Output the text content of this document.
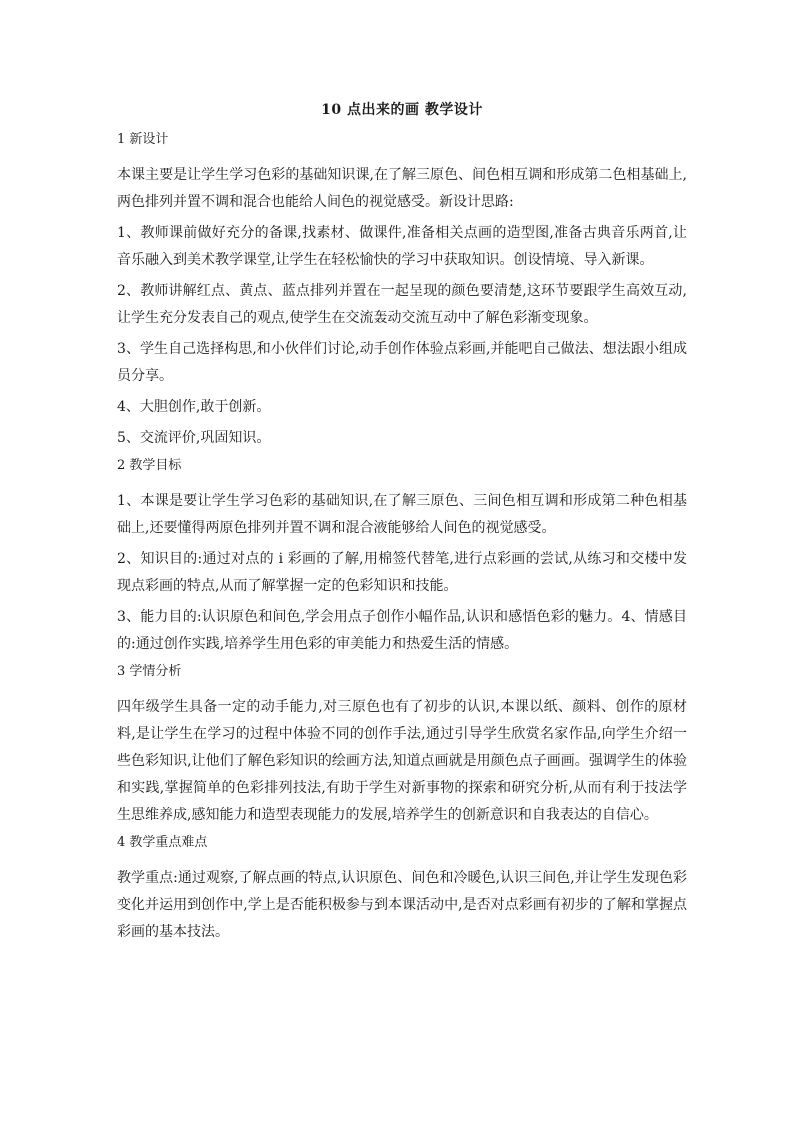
10 点出来的画 教学设计
1 新设计

本课主要是让学生学习色彩的基础知识课,在了解三原色、间色相互调和形成第二色相基础上,两色排列并置不调和混合也能给人间色的视觉感受。新设计思路:

1、教师课前做好充分的备课,找素材、做课件,准备相关点画的造型图,准备古典音乐两首,让音乐融入到美术教学课堂,让学生在轻松愉快的学习中获取知识。创设情境、导入新课。

2、教师讲解红点、黄点、蓝点排列并置在一起呈现的颜色要清楚,这环节要跟学生高效互动,让学生充分发表自己的观点,使学生在交流轰动交流互动中了解色彩渐变现象。

3、学生自己选择构思,和小伙伴们讨论,动手创作体验点彩画,并能吧自己做法、想法跟小组成员分享。

4、大胆创作,敢于创新。

5、交流评价,巩固知识。

2 教学目标

1、本课是要让学生学习色彩的基础知识,在了解三原色、三间色相互调和形成第二种色相基础上,还要懂得两原色排列并置不调和混合液能够给人间色的视觉感受。

2、知识目的:通过对点的 i 彩画的了解,用棉签代替笔,进行点彩画的尝试,从练习和交楼中发现点彩画的特点,从而了解掌握一定的色彩知识和技能。

3、能力目的:认识原色和间色,学会用点子创作小幅作品,认识和感悟色彩的魅力。4、情感目的:通过创作实践,培养学生用色彩的审美能力和热爱生活的情感。

3 学情分析

四年级学生具备一定的动手能力,对三原色也有了初步的认识,本课以纸、颜料、创作的原材料,是让学生在学习的过程中体验不同的创作手法,通过引导学生欣赏名家作品,向学生介绍一些色彩知识,让他们了解色彩知识的绘画方法,知道点画就是用颜色点子画画。强调学生的体验和实践,掌握简单的色彩排列技法,有助于学生对新事物的探索和研究分析,从而有利于技法学生思维养成,感知能力和造型表现能力的发展,培养学生的创新意识和自我表达的自信心。

4 教学重点难点

教学重点:通过观察,了解点画的特点,认识原色、间色和冷暖色,认识三间色,并让学生发现色彩变化并运用到创作中,学上是否能积极参与到本课活动中,是否对点彩画有初步的了解和掌握点彩画的基本技法。
